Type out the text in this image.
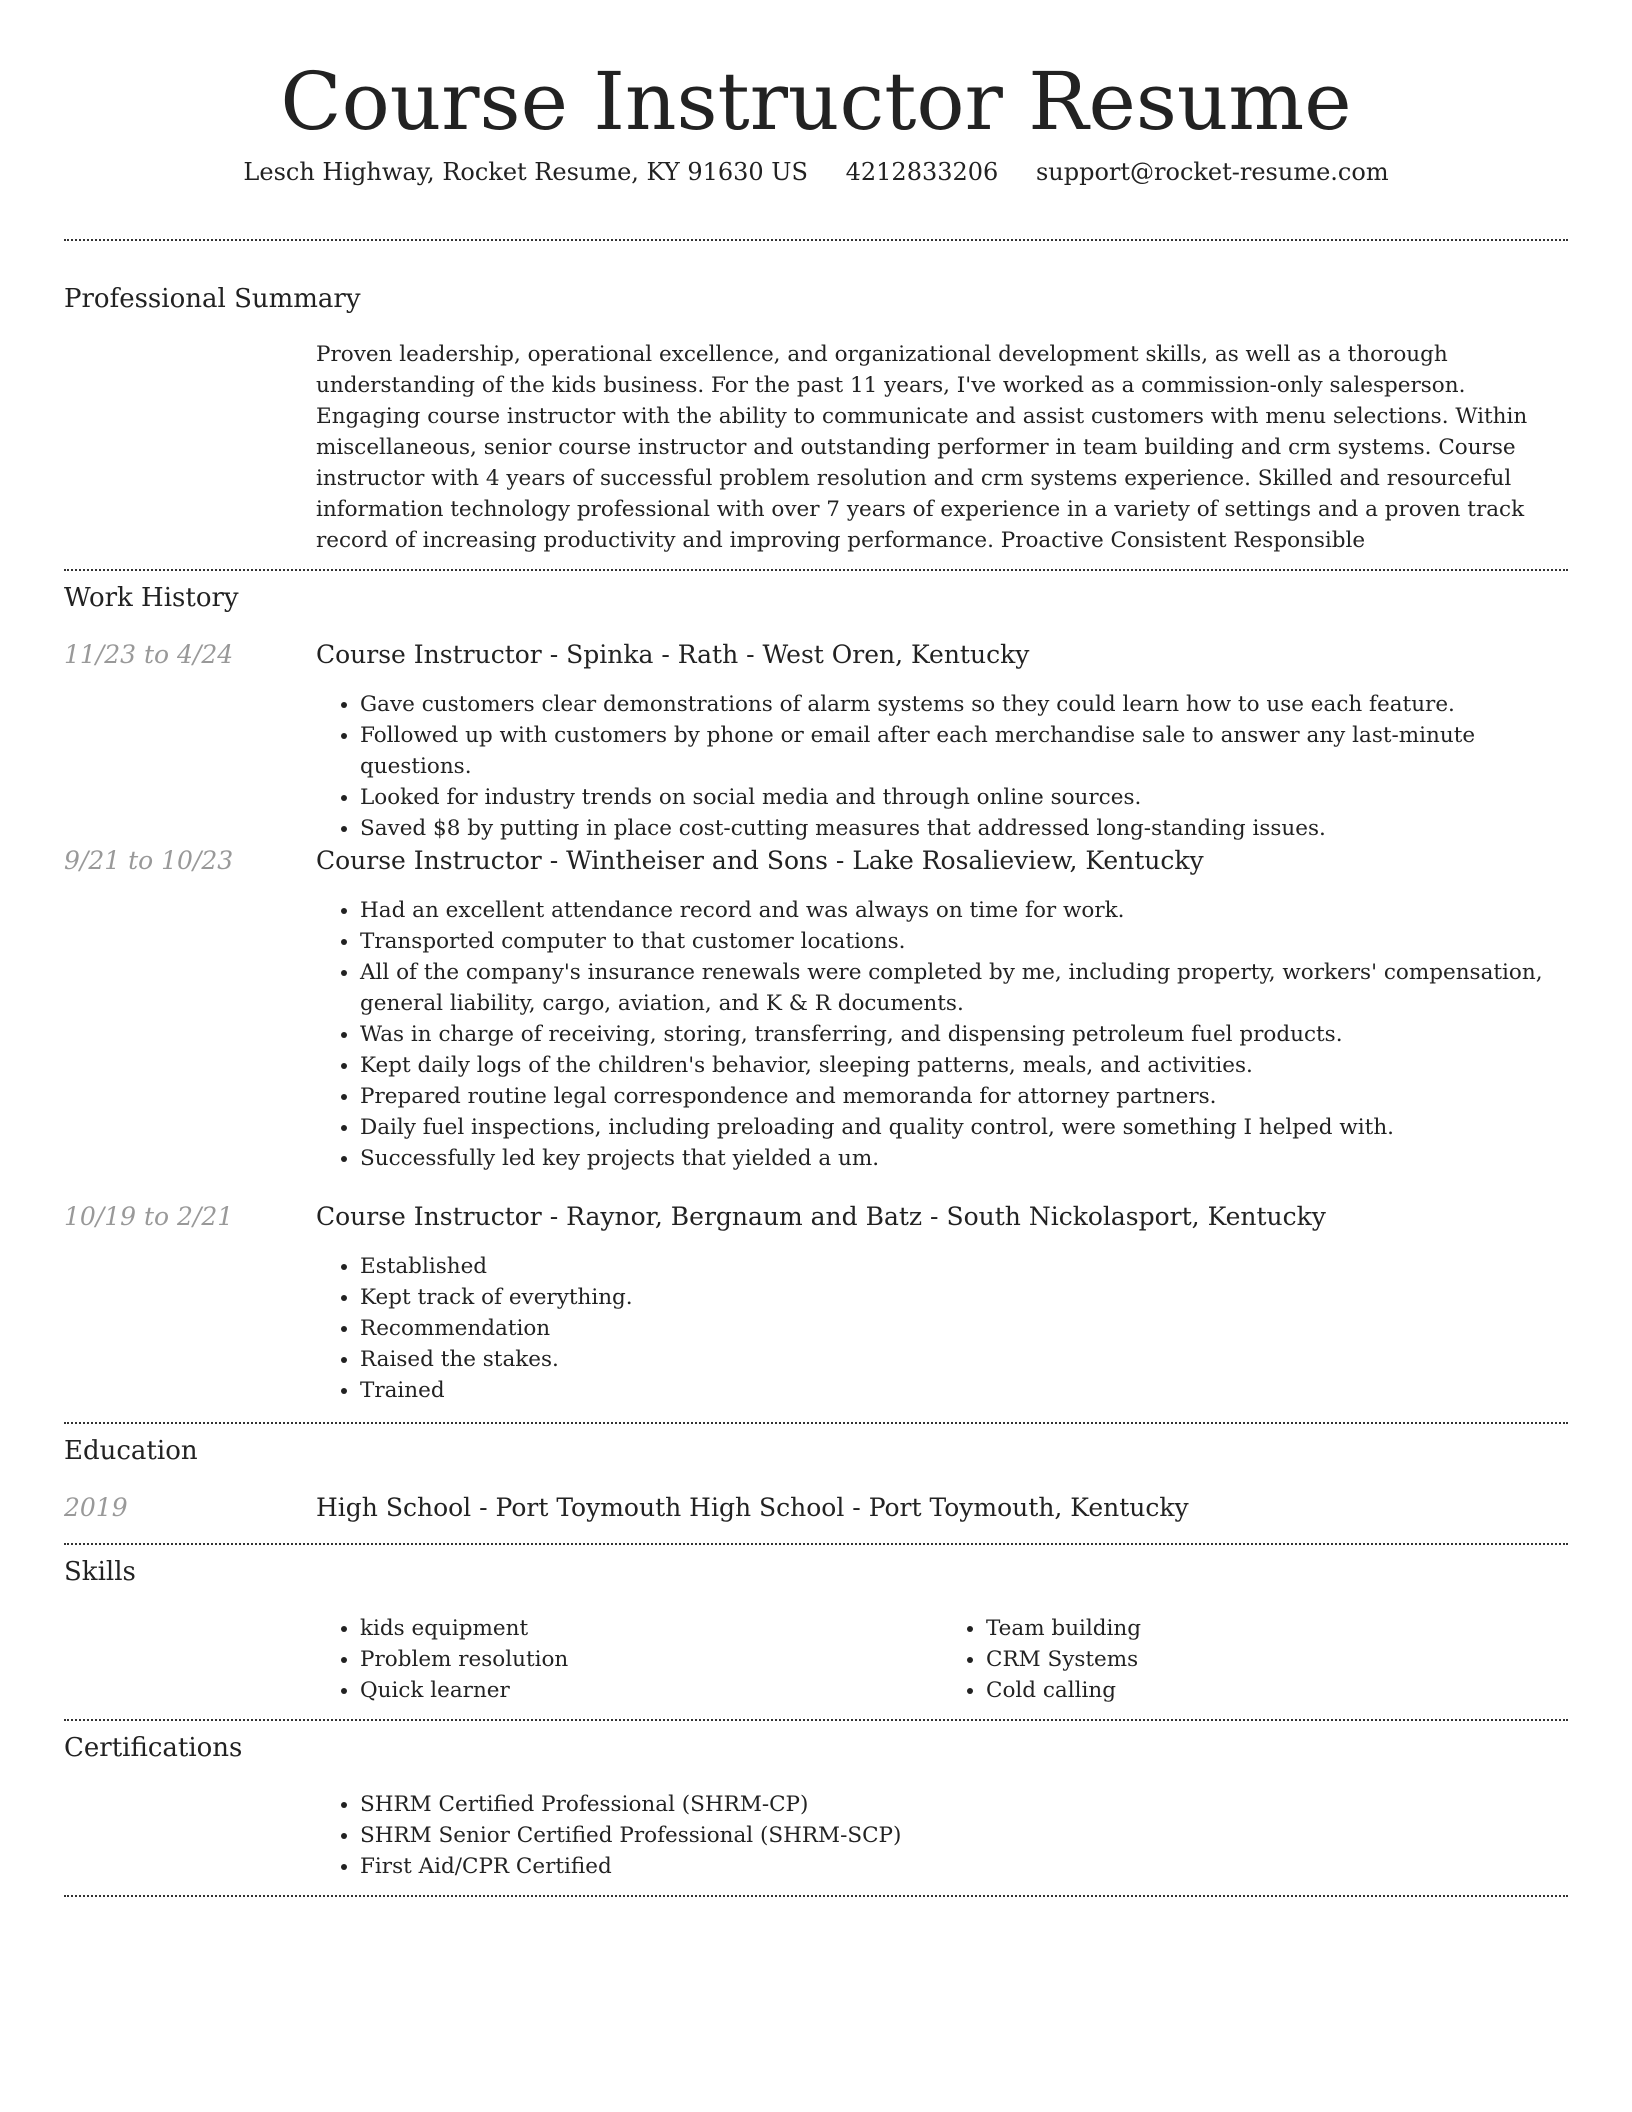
Course Instructor Resume
Lesch Highway, Rocket Resume, KY 91630 US 4212833206 support@rocket-resume.com
Professional Summary

Proven leadership, operational excellence, and organizational development skills, as well as a thorough understanding of the kids business. For the past 11 years, I've worked as a commission-only salesperson. Engaging course instructor with the ability to communicate and assist customers with menu selections. Within miscellaneous, senior course instructor and outstanding performer in team building and crm systems. Course instructor with 4 years of successful problem resolution and crm systems experience. Skilled and resourceful information technology professional with over 7 years of experience in a variety of settings and a proven track record of increasing productivity and improving performance. Proactive Consistent Responsible

Work History
11/23 to 4/24	Course Instructor - Spinka - Rath - West Oren, Kentucky
• Gave customers clear demonstrations of alarm systems so they could learn how to use each feature.
• Followed up with customers by phone or email after each merchandise sale to answer any last-minute questions.
• Looked for industry trends on social media and through online sources.
• Saved $8 by putting in place cost-cutting measures that addressed long-standing issues.
9/21 to 10/23	Course Instructor - Wintheiser and Sons - Lake Rosalieview, Kentucky
• Had an excellent attendance record and was always on time for work.
• Transported computer to that customer locations.
• All of the company's insurance renewals were completed by me, including property, workers' compensation, general liability, cargo, aviation, and K & R documents.
• Was in charge of receiving, storing, transferring, and dispensing petroleum fuel products.
• Kept daily logs of the children's behavior, sleeping patterns, meals, and activities.
• Prepared routine legal correspondence and memoranda for attorney partners.
• Daily fuel inspections, including preloading and quality control, were something I helped with.
• Successfully led key projects that yielded a um.
10/19 to 2/21	Course Instructor - Raynor, Bergnaum and Batz - South Nickolasport, Kentucky
• Established
• Kept track of everything.
• Recommendation
• Raised the stakes.
• Trained
Education
2019	High School - Port Toymouth High School - Port Toymouth, Kentucky
Skills
• kids equipment
• Problem resolution
• Quick learner
• Team building
• CRM Systems
• Cold calling
Certifications
• SHRM Certified Professional (SHRM-CP)
• SHRM Senior Certified Professional (SHRM-SCP)
• First Aid/CPR Certified
